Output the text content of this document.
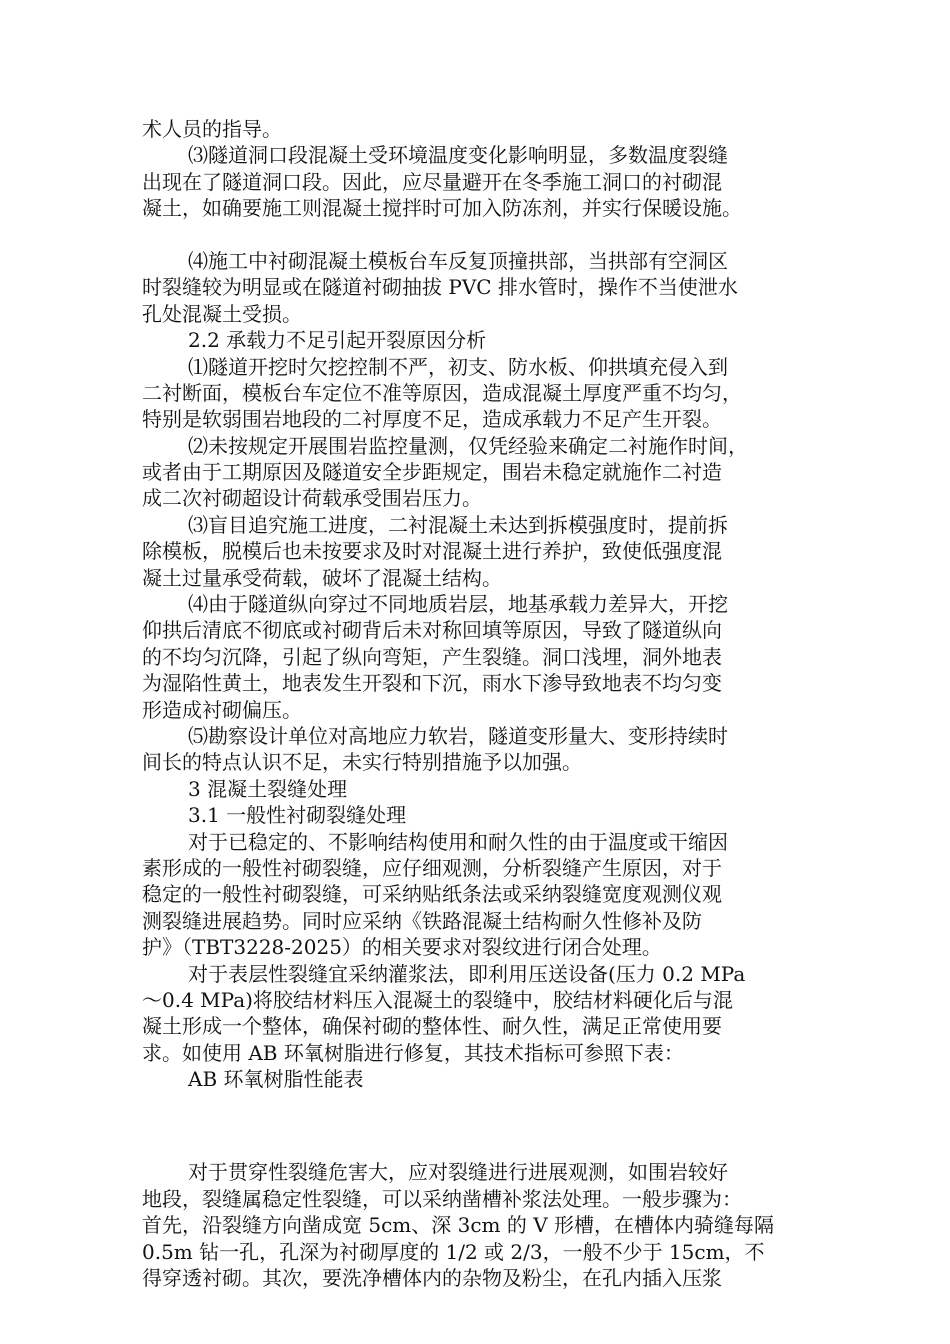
术人员的指导。
⑶隧道洞口段混凝土受环境温度变化影响明显，多数温度裂缝
出现在了隧道洞口段。因此，应尽量避开在冬季施工洞口的衬砌混
凝土，如确要施工则混凝土搅拌时可加入防冻剂，并实行保暖设施。
⑷施工中衬砌混凝土模板台车反复顶撞拱部，当拱部有空洞区
时裂缝较为明显或在隧道衬砌抽拔 PVC 排水管时，操作不当使泄水
孔处混凝土受损。
2.2 承载力不足引起开裂原因分析
⑴隧道开挖时欠挖控制不严，初支、防水板、仰拱填充侵入到
二衬断面，模板台车定位不准等原因，造成混凝土厚度严重不均匀，
特别是软弱围岩地段的二衬厚度不足，造成承载力不足产生开裂。
⑵未按规定开展围岩监控量测，仅凭经验来确定二衬施作时间，
或者由于工期原因及隧道安全步距规定，围岩未稳定就施作二衬造
成二次衬砌超设计荷载承受围岩压力。
⑶盲目追究施工进度，二衬混凝土未达到拆模强度时，提前拆
除模板，脱模后也未按要求及时对混凝土进行养护，致使低强度混
凝土过量承受荷载，破坏了混凝土结构。
⑷由于隧道纵向穿过不同地质岩层，地基承载力差异大，开挖
仰拱后清底不彻底或衬砌背后未对称回填等原因，导致了隧道纵向
的不均匀沉降，引起了纵向弯矩，产生裂缝。洞口浅埋，洞外地表
为湿陷性黄土，地表发生开裂和下沉，雨水下渗导致地表不均匀变
形造成衬砌偏压。
⑸勘察设计单位对高地应力软岩，隧道变形量大、变形持续时
间长的特点认识不足，未实行特别措施予以加强。
3 混凝土裂缝处理
3.1 一般性衬砌裂缝处理
对于已稳定的、不影响结构使用和耐久性的由于温度或干缩因
素形成的一般性衬砌裂缝，应仔细观测，分析裂缝产生原因，对于
稳定的一般性衬砌裂缝，可采纳贴纸条法或采纳裂缝宽度观测仪观
测裂缝进展趋势。同时应采纳《铁路混凝土结构耐久性修补及防
护》（TBT3228-2025）的相关要求对裂纹进行闭合处理。
对于表层性裂缝宜采纳灌浆法，即利用压送设备(压力 0.2 MPa
～0.4 MPa)将胶结材料压入混凝土的裂缝中，胶结材料硬化后与混
凝土形成一个整体，确保衬砌的整体性、耐久性，满足正常使用要
求。如使用 AB 环氧树脂进行修复，其技术指标可参照下表：
AB 环氧树脂性能表
对于贯穿性裂缝危害大，应对裂缝进行进展观测，如围岩较好
地段，裂缝属稳定性裂缝，可以采纳凿槽补浆法处理。一般步骤为：
首先，沿裂缝方向凿成宽 5cm、深 3cm 的 V 形槽，在槽体内骑缝每隔
0.5m 钻一孔，孔深为衬砌厚度的 1/2 或 2/3，一般不少于 15cm，不
得穿透衬砌。其次，要洗净槽体内的杂物及粉尘，在孔内插入压浆
